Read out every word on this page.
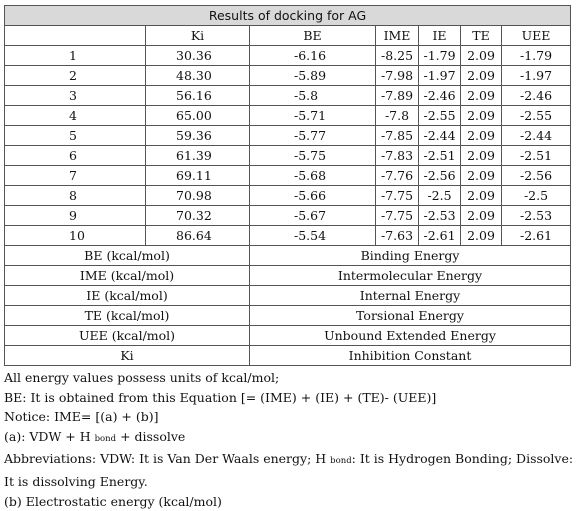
Results of docking for AG						
	Ki	BE	IME	IE	TE	UEE
1	30.36	-6.16	-8.25	-1.79	2.09	-1.79
2	48.30	-5.89	-7.98	-1.97	2.09	-1.97
3	56.16	-5.8	-7.89	-2.46	2.09	-2.46
4	65.00	-5.71	-7.8	-2.55	2.09	-2.55
5	59.36	-5.77	-7.85	-2.44	2.09	-2.44
6	61.39	-5.75	-7.83	-2.51	2.09	-2.51
7	69.11	-5.68	-7.76	-2.56	2.09	-2.56
8	70.98	-5.66	-7.75	-2.5	2.09	-2.5
9	70.32	-5.67	-7.75	-2.53	2.09	-2.53
10	86.64	-5.54	-7.63	-2.61	2.09	-2.61
BE (kcal/mol)		Binding Energy				
IME (kcal/mol)		Intermolecular Energy				
IE (kcal/mol)		Internal Energy				
TE (kcal/mol)		Torsional Energy				
UEE (kcal/mol)		Unbound Extended Energy				
Ki		Inhibition Constant				

All energy values possess units of kcal/mol;

BE: It is obtained from this Equation [= (IME) + (IE) + (TE)- (UEE)]

Notice: IME= [(a) + (b)]

(a): VDW + H bond + dissolve

Abbreviations: VDW: It is Van Der Waals energy; H bond: It is Hydrogen Bonding; Dissolve: It is dissolving Energy.

(b) Electrostatic energy (kcal/mol)
